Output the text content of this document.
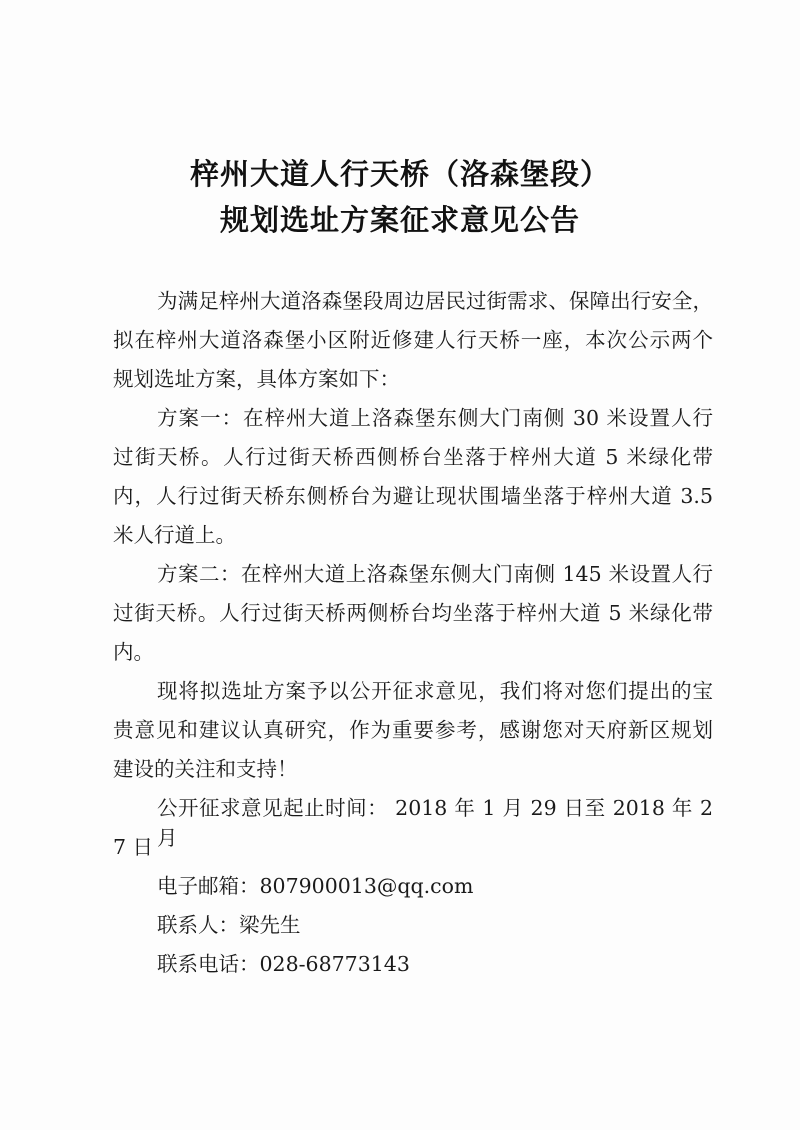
梓州大道人行天桥（洛森堡段）
规划选址方案征求意见公告
为满足梓州大道洛森堡段周边居民过街需求、保障出行安全，
拟在梓州大道洛森堡小区附近修建人行天桥一座，本次公示两个
规划选址方案，具体方案如下：
方案一：在梓州大道上洛森堡东侧大门南侧 30 米设置人行
过街天桥。人行过街天桥西侧桥台坐落于梓州大道 5 米绿化带
内，人行过街天桥东侧桥台为避让现状围墙坐落于梓州大道 3.5
米人行道上。
方案二：在梓州大道上洛森堡东侧大门南侧 145 米设置人行
过街天桥。人行过街天桥两侧桥台均坐落于梓州大道 5 米绿化带
内。
现将拟选址方案予以公开征求意见，我们将对您们提出的宝
贵意见和建议认真研究，作为重要参考，感谢您对天府新区规划
建设的关注和支持！
公开征求意见起止时间： 2018 年 1 月 29 日至 2018 年 2 月
7 日
电子邮箱：807900013@qq.com
联系人：梁先生
联系电话：028-68773143
